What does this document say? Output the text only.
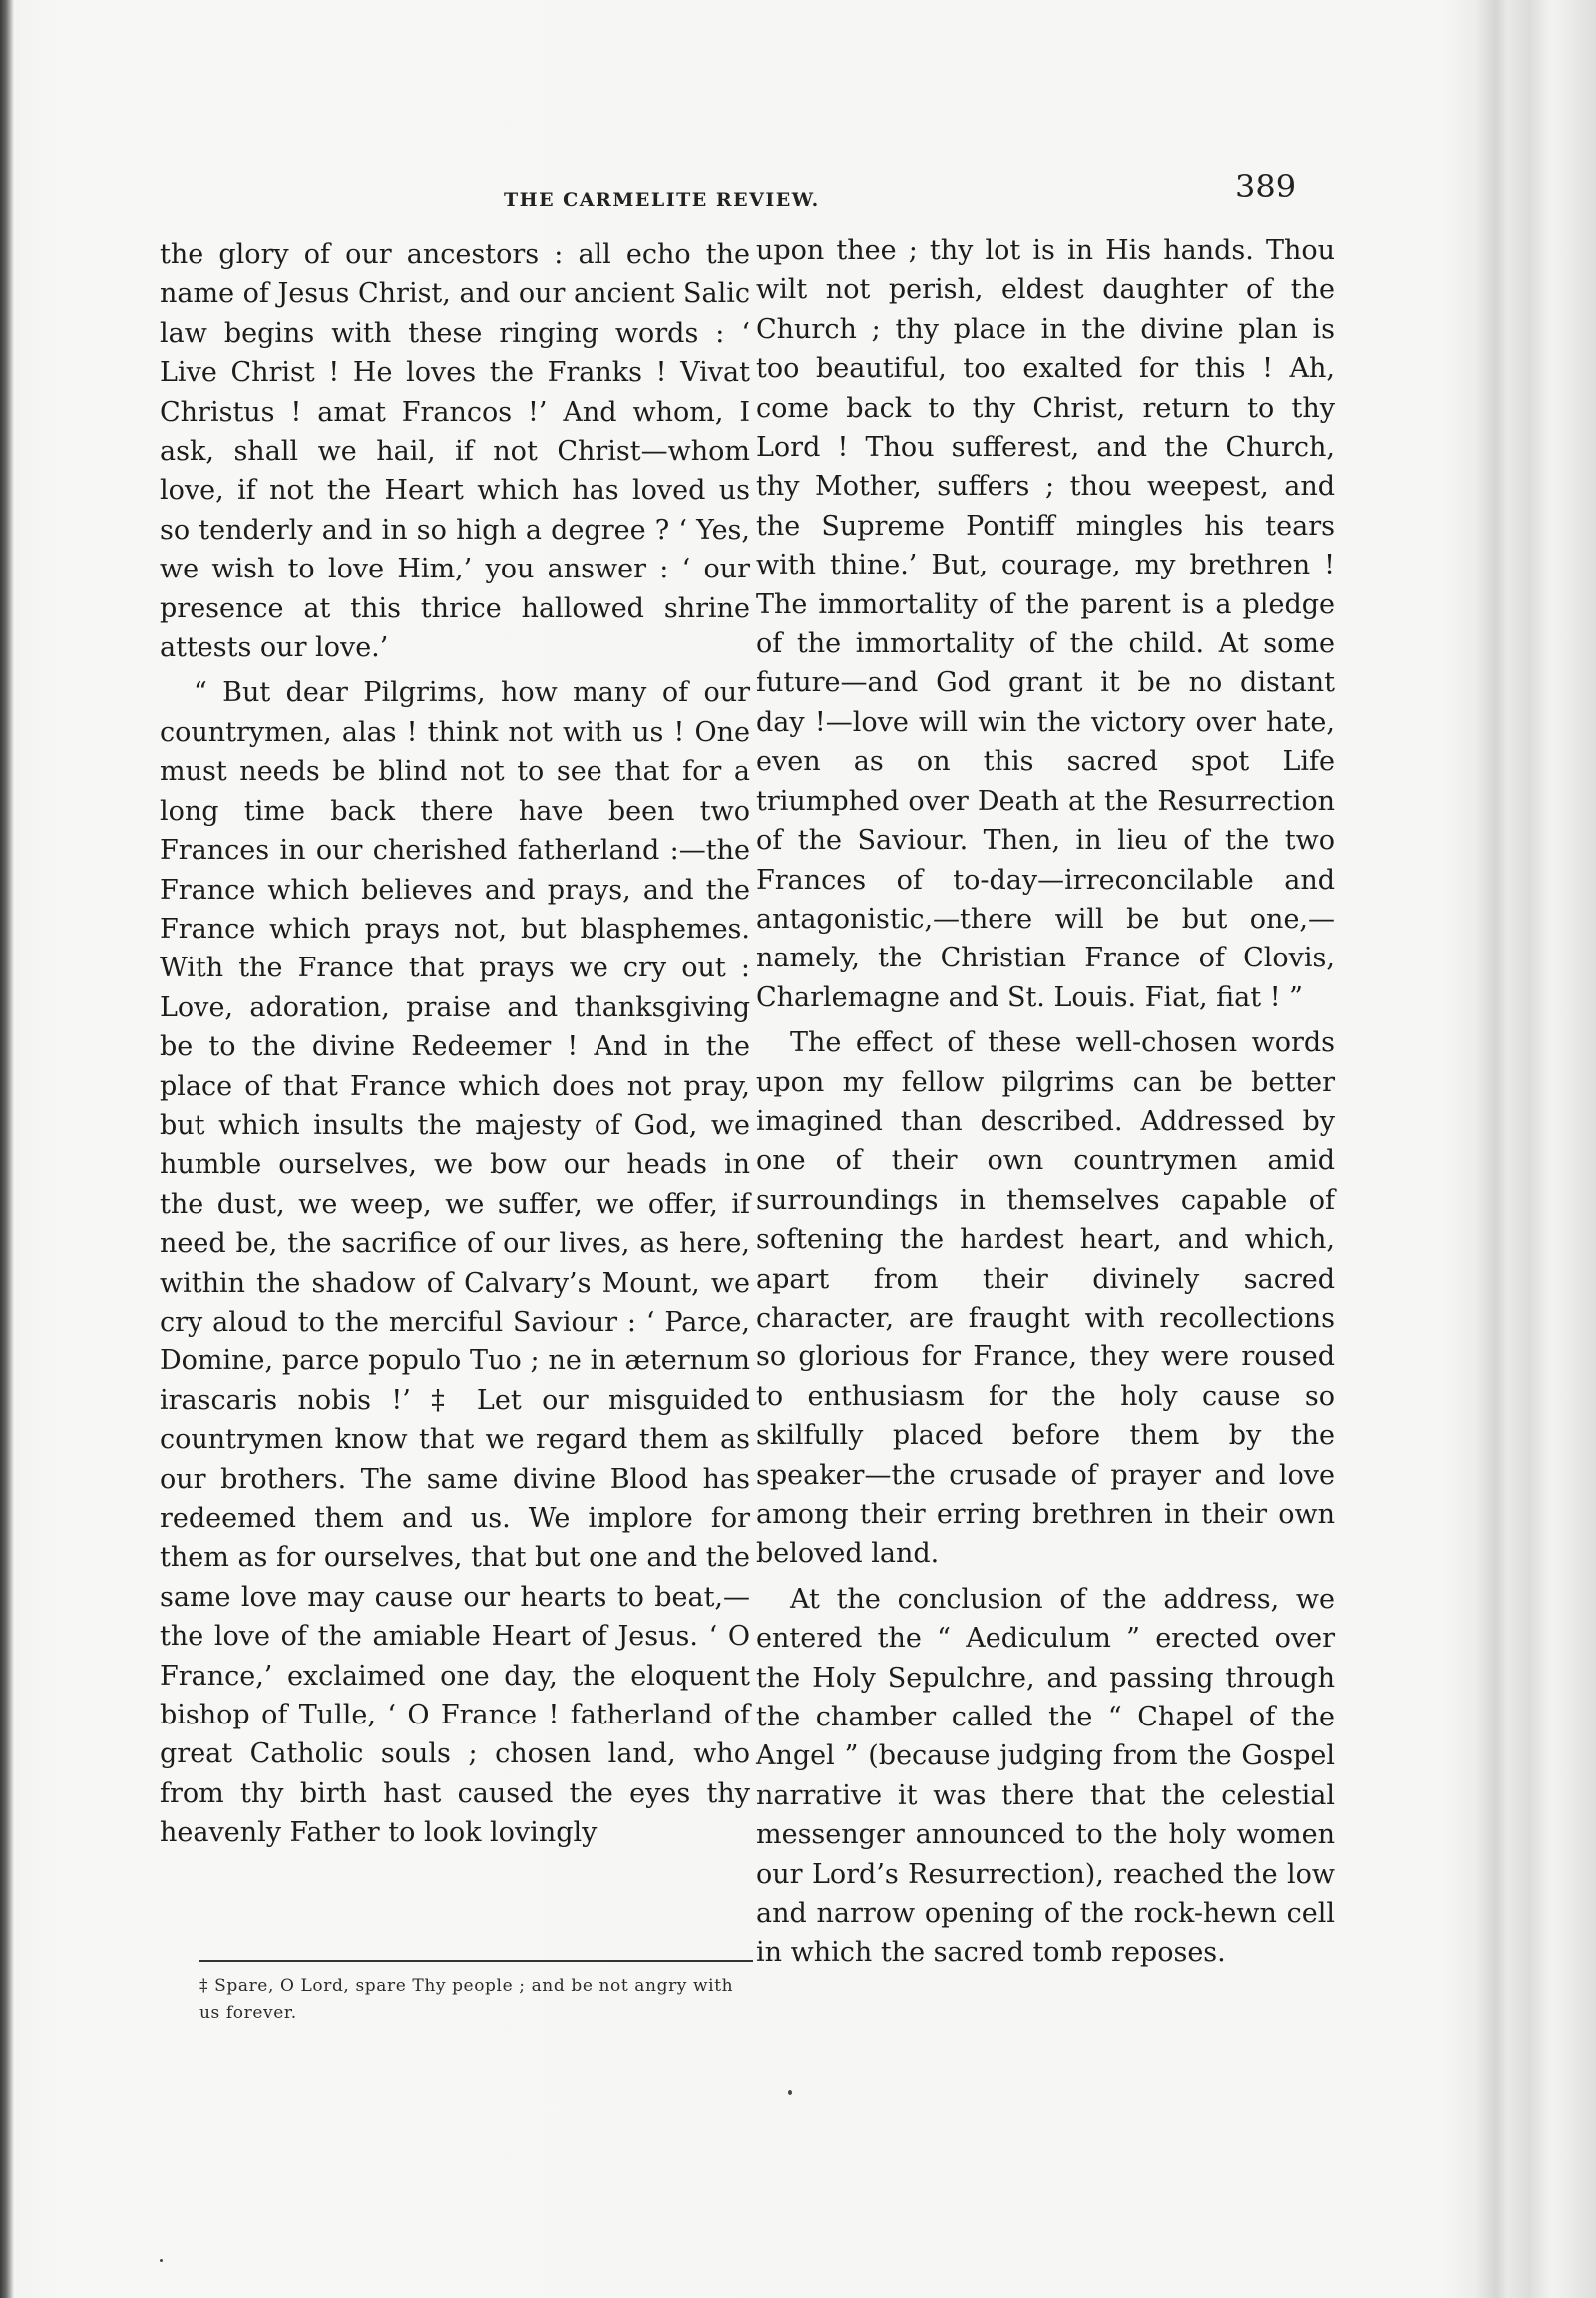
THE CARMELITE REVIEW.	389

the glory of our ancestors : all echo the name of Jesus Christ, and our ancient Salic law begins with these ringing words : ‘ Live Christ ! He loves the Franks ! Vivat Christus ! amat Francos !’ And whom, I ask, shall we hail, if not Christ—whom love, if not the Heart which has loved us so tenderly and in so high a degree ? ‘ Yes, we wish to love Him,’ you answer : ‘ our presence at this thrice hallowed shrine attests our love.’

“ But dear Pilgrims, how many of our countrymen, alas ! think not with us ! One must needs be blind not to see that for a long time back there have been two Frances in our cherished fatherland :—the France which believes and prays, and the France which prays not, but blasphemes. With the France that prays we cry out : Love, adoration, praise and thanksgiving be to the divine Redeemer ! And in the place of that France which does not pray, but which insults the majesty of God, we humble ourselves, we bow our heads in the dust, we weep, we suffer, we offer, if need be, the sacrifice of our lives, as here, within the shadow of Calvary’s Mount, we cry aloud to the merciful Saviour : ‘ Parce, Domine, parce populo Tuo ; ne in æternum irascaris nobis !’ ‡ Let our misguided countrymen know that we regard them as our brothers. The same divine Blood has redeemed them and us. We implore for them as for ourselves, that but one and the same love may cause our hearts to beat,—the love of the amiable Heart of Jesus. ‘ O France,’ exclaimed one day, the eloquent bishop of Tulle, ‘ O France ! fatherland of great Catholic souls ; chosen land, who from thy birth hast caused the eyes thy heavenly Father to look lovingly

upon thee ; thy lot is in His hands. Thou wilt not perish, eldest daughter of the Church ; thy place in the divine plan is too beautiful, too exalted for this ! Ah, come back to thy Christ, return to thy Lord ! Thou sufferest, and the Church, thy Mother, suffers ; thou weepest, and the Supreme Pontiff mingles his tears with thine.’ But, courage, my brethren ! The immortality of the parent is a pledge of the immortality of the child. At some future—and God grant it be no distant day !—love will win the victory over hate, even as on this sacred spot Life triumphed over Death at the Resurrection of the Saviour. Then, in lieu of the two Frances of to-day—irreconcilable and antagonistic,—there will be but one,—namely, the Christian France of Clovis, Charlemagne and St. Louis. Fiat, fiat ! ”

The effect of these well-chosen words upon my fellow pilgrims can be better imagined than described. Addressed by one of their own countrymen amid surroundings in themselves capable of softening the hardest heart, and which, apart from their divinely sacred character, are fraught with recollections so glorious for France, they were roused to enthusiasm for the holy cause so skilfully placed before them by the speaker—the crusade of prayer and love among their erring brethren in their own beloved land.

At the conclusion of the address, we entered the “ Aediculum ” erected over the Holy Sepulchre, and passing through the chamber called the “ Chapel of the Angel ” (because judging from the Gospel narrative it was there that the celestial messenger announced to the holy women our Lord’s Resurrection), reached the low and narrow opening of the rock-hewn cell in which the sacred tomb reposes.

‡ Spare, O Lord, spare Thy people ; and be not angry with us forever.
